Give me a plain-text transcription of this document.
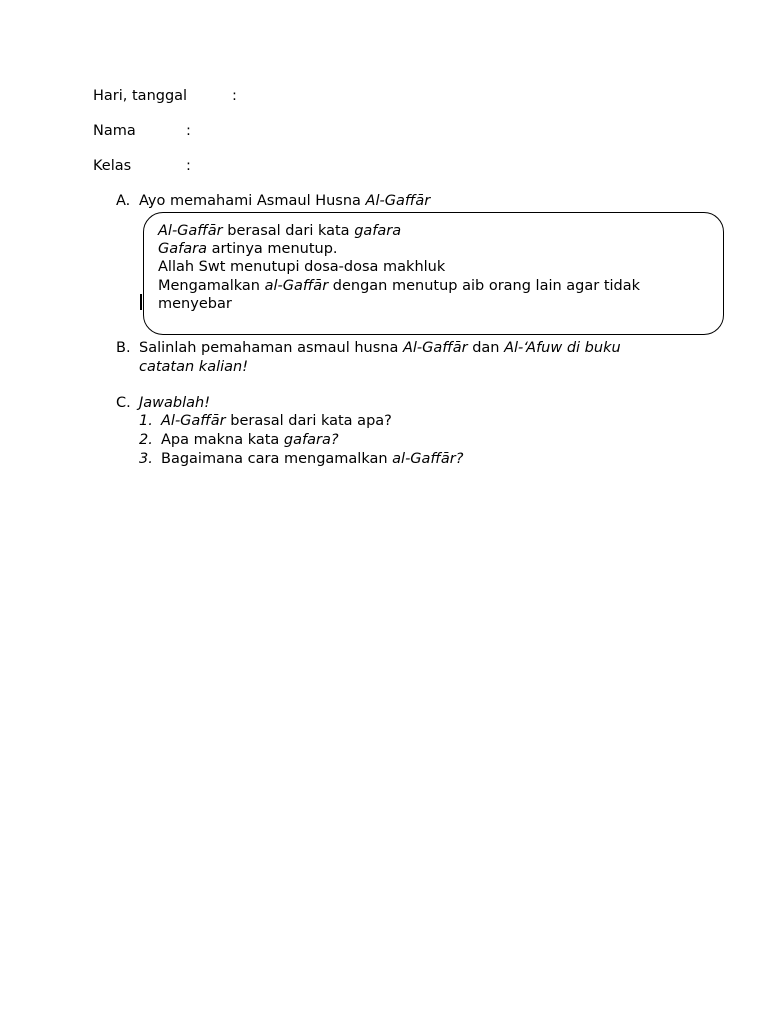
Hari, tanggal	:
Nama	:
Kelas	:
A. Ayo memahami Asmaul Husna Al-Gaffār
Al-Gaffār berasal dari kata gafara
Gafara artinya menutup.
Allah Swt menutupi dosa-dosa makhluk
Mengamalkan al-Gaffār dengan menutup aib orang lain agar tidak
menyebar
B. Salinlah pemahaman asmaul husna Al-Gaffār dan Al-‘Afuw di buku
catatan kalian!
C. Jawablah!
1. Al-Gaffār berasal dari kata apa?
2. Apa makna kata gafara?
3. Bagaimana cara mengamalkan al-Gaffār?
